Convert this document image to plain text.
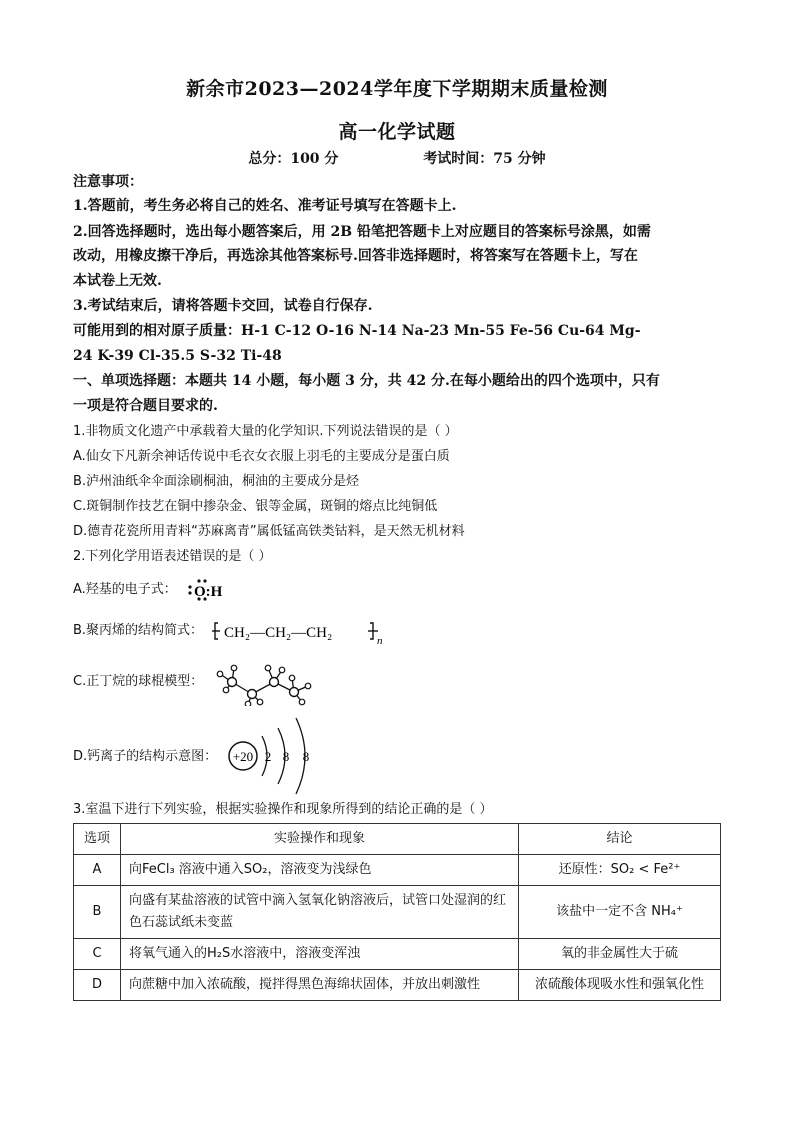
新余市2023—2024学年度下学期期末质量检测
高一化学试题
总分：100 分	考试时间：75 分钟
注意事项：
1.答题前，考生务必将自己的姓名、准考证号填写在答题卡上.
2.回答选择题时，选出每小题答案后，用 2B 铅笔把答题卡上对应题目的答案标号涂黑，如需
改动，用橡皮擦干净后，再选涂其他答案标号.回答非选择题时，将答案写在答题卡上，写在
本试卷上无效.
3.考试结束后，请将答题卡交回，试卷自行保存.
可能用到的相对原子质量：H-1 C-12 O-16 N-14 Na-23 Mn-55 Fe-56 Cu-64 Mg-
24 K-39 Cl-35.5 S-32 Ti-48
一、单项选择题：本题共 14 小题，每小题 3 分，共 42 分.在每小题给出的四个选项中，只有
一项是符合题目要求的.
1.非物质文化遗产中承载着大量的化学知识.下列说法错误的是（ ）
A.仙女下凡新余神话传说中毛衣女衣服上羽毛的主要成分是蛋白质
B.泸州油纸伞伞面涂刷桐油，桐油的主要成分是烃
C.斑铜制作技艺在铜中掺杂金、银等金属，斑铜的熔点比纯铜低
D.德青花瓷所用青料“苏麻离青”属低锰高铁类钴料，是天然无机材料
2.下列化学用语表述错误的是（ ）
A.羟基的电子式：	O:H
B.聚丙烯的结构简式：	CH₂—CH₂—CH₂	n
C.正丁烷的球棍模型：
D.钙离子的结构示意图：	+20 2 8 8
3.室温下进行下列实验，根据实验操作和现象所得到的结论正确的是（ ）
选项	实验操作和现象	结论
A	向FeCl₃ 溶液中通入SO₂，溶液变为浅绿色	还原性：SO₂ < Fe²⁺
B	向盛有某盐溶液的试管中滴入氢氧化钠溶液后，试管口处湿润的红色石蕊试纸未变蓝	该盐中一定不含 NH₄⁺
C	将氧气通入的H₂S水溶液中，溶液变浑浊	氧的非金属性大于硫
D	向蔗糖中加入浓硫酸，搅拌得黑色海绵状固体，并放出刺激性	浓硫酸体现吸水性和强氧化性
